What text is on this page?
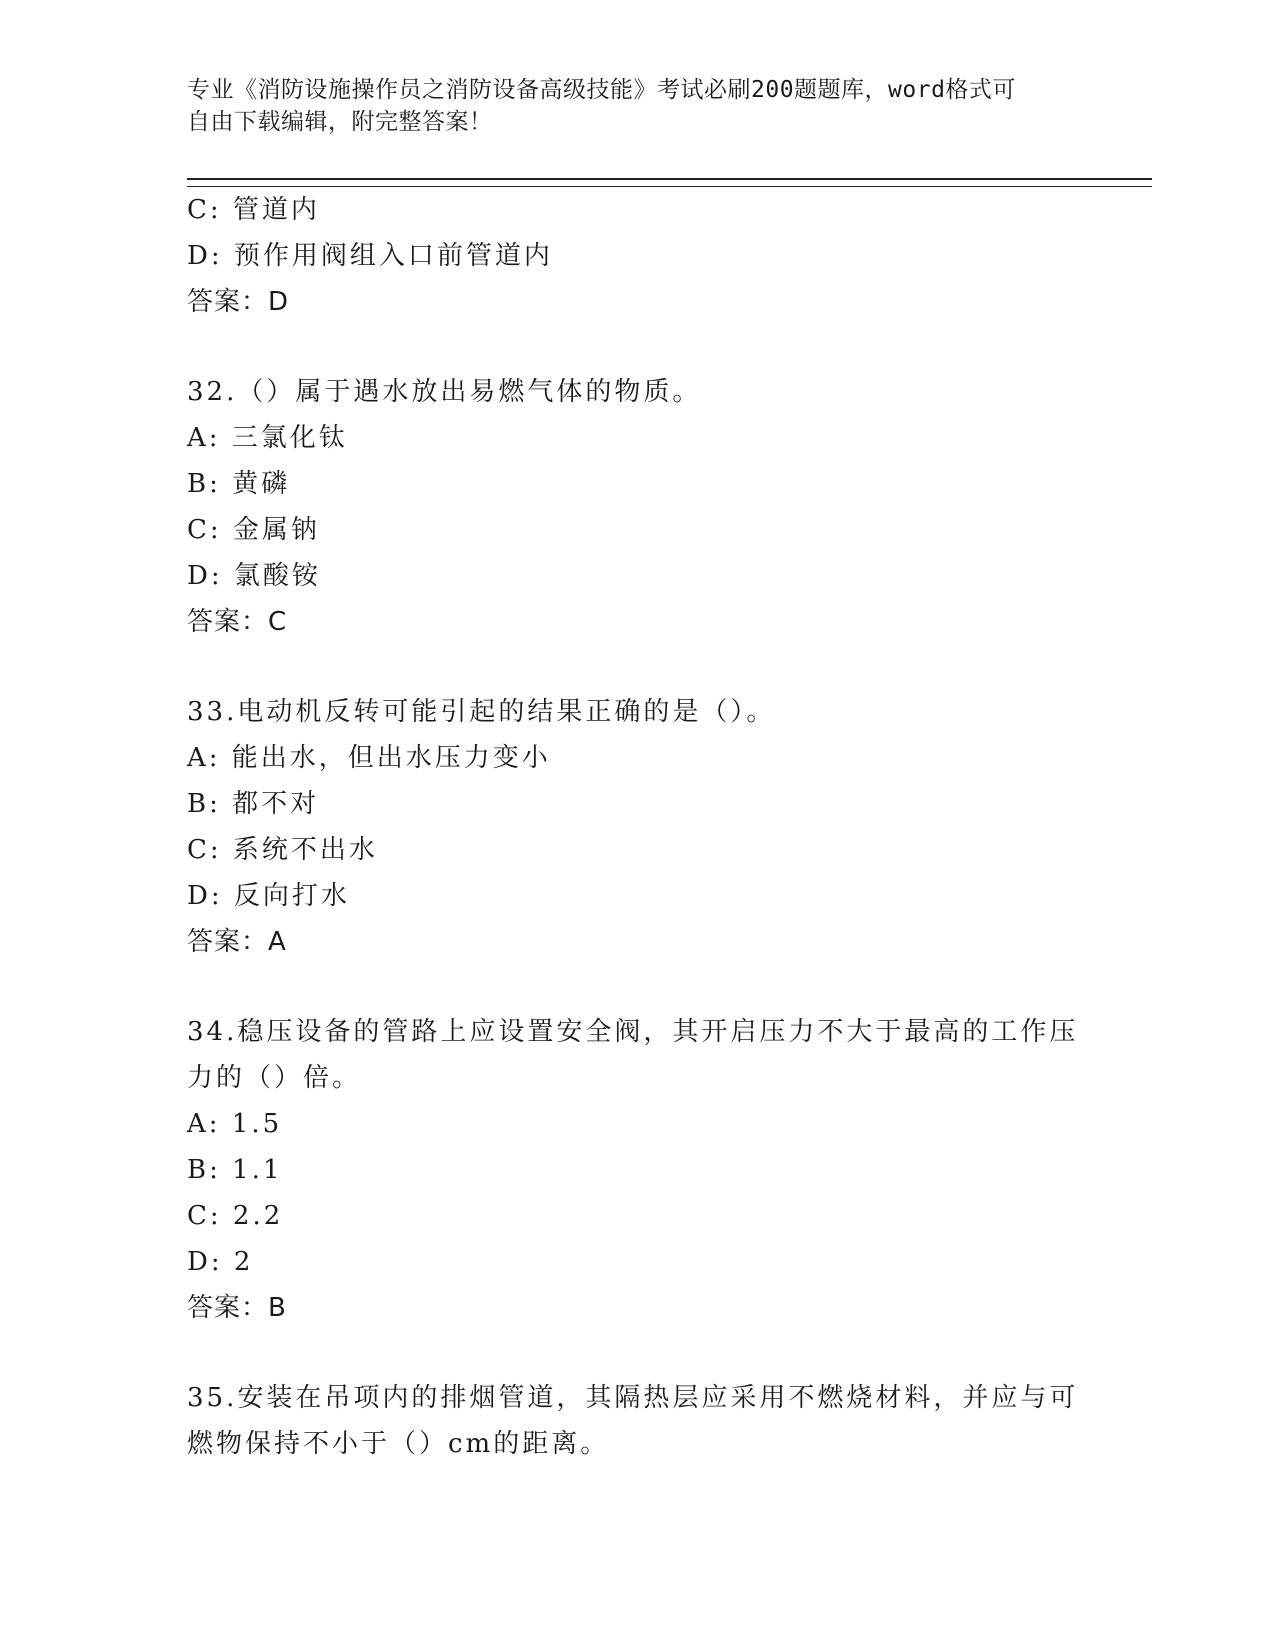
专业《消防设施操作员之消防设备高级技能》考试必刷200题题库，word格式可
自由下载编辑，附完整答案！
C: 管道内
D: 预作用阀组入口前管道内
答案：D
32.（）属于遇水放出易燃气体的物质。
A: 三氯化钛
B: 黄磷
C: 金属钠
D: 氯酸铵
答案：C
33.电动机反转可能引起的结果正确的是（）。
A: 能出水，但出水压力变小
B: 都不对
C: 系统不出水
D: 反向打水
答案：A
34.稳压设备的管路上应设置安全阀，其开启压力不大于最高的工作压
力的（）倍。
A: 1.5
B: 1.1
C: 2.2
D: 2
答案：B
35.安装在吊项内的排烟管道，其隔热层应采用不燃烧材料，并应与可
燃物保持不小于（）cm的距离。
